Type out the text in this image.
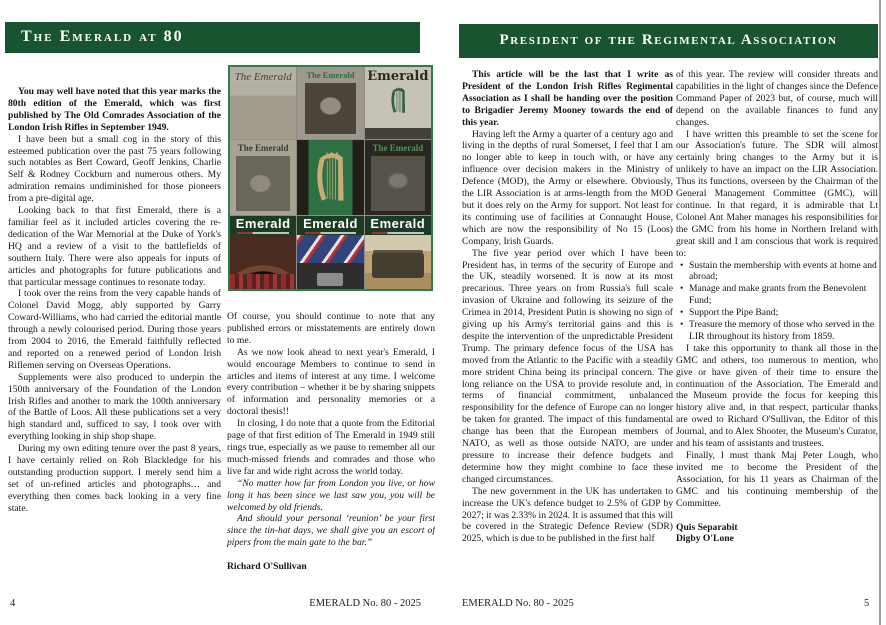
The Emerald at 80

You may well have noted that this year marks the 80th edition of the Emerald, which was first published by The Old Comrades Association of the London Irish Rifles in September 1949.

I have been but a small cog in the story of this esteemed publication over the past 75 years following such notables as Bert Coward, Geoff Jenkins, Charlie Self & Rodney Cockburn and numerous others. My admiration remains undiminished for those pioneers from a pre-digital age.

Looking back to that first Emerald, there is a familiar feel as it included articles covering the re-dedication of the War Memorial at the Duke of York's HQ and a review of a visit to the battlefields of southern Italy. There were also appeals for inputs of articles and photographs for future publications and that particular message continues to resonate today.

I took over the reins from the very capable hands of Colonel David Mogg, ably supported by Garry Coward-Williams, who had carried the editorial mantle through a newly colourised period. During those years from 2004 to 2016, the Emerald faithfully reflected and reported on a renewed period of London Irish Riflemen serving on Overseas Operations.

Supplements were also produced to underpin the 150th anniversary of the Foundation of the London Irish Rifles and another to mark the 100th anniversary of the Battle of Loos. All these publications set a very high standard and, sufficed to say, I took over with everything looking in ship shop shape.

During my own editing tenure over the past 8 years, I have certainly relied on Rob Blackledge for his outstanding production support. I merely send him a set of un-refined articles and photographs… and everything then comes back looking in a very fine state.

The Emerald	The Emerald Emerald
The Emerald	The Emerald
Emerald Emerald Emerald

Of course, you should continue to note that any published errors or misstatements are entirely down to me.

As we now look ahead to next year's Emerald, I would encourage Members to continue to send in articles and items of interest at any time. I welcome every contribution – whether it be by sharing snippets of information and personality memories or a doctoral thesis!!

In closing, I do note that a quote from the Editorial page of that first edition of The Emerald in 1949 still rings true, especially as we pause to remember all our much-missed friends and comrades and those who live far and wide right across the world today.

“No matter how far from London you live, or how long it has been since we last saw you, you will be welcomed by old friends.

And should your personal ‘reunion’ be your first since the tin-hat days, we shall give you an escort of pipers from the main gate to the bar.”

Richard O'Sullivan

4	EMERALD No. 80 - 2025
President of the Regimental Association

This article will be the last that I write as President of the London Irish Rifles Regimental Association as I shall be handing over the position to Brigadier Jeremy Mooney towards the end of this year.

Having left the Army a quarter of a century ago and living in the depths of rural Somerset, I feel that I am no longer able to keep in touch with, or have any influence over decision makers in the Ministry of Defence (MOD), the Army or elsewhere. Obviously, the LIR Association is at arms-length from the MOD but it does rely on the Army for support. Not least for its continuing use of facilities at Connaught House, which are now the responsibility of No 15 (Loos) Company, Irish Guards.

The five year period over which I have been President has, in terms of the security of Europe and the UK, steadily worsened. It is now at its most precarious. Three years on from Russia's full scale invasion of Ukraine and following its seizure of the Crimea in 2014, President Putin is showing no sign of giving up his Army's territorial gains and this is despite the intervention of the unpredictable President Trump. The primary defence focus of the USA has moved from the Atlantic to the Pacific with a steadily more strident China being its principal concern. The long reliance on the USA to provide resolute and, in terms of financial commitment, unbalanced responsibility for the defence of Europe can no longer be taken for granted. The impact of this fundamental change has been that the European members of NATO, as well as those outside NATO, are under pressure to increase their defence budgets and determine how they might combine to face these changed circumstances.

The new government in the UK has undertaken to increase the UK's defence budget to 2.5% of GDP by 2027; it was 2.33% in 2024. It is assumed that this will be covered in the Strategic Defence Review (SDR) 2025, which is due to be published in the first half

of this year. The review will consider threats and capabilities in the light of changes since the Defence Command Paper of 2023 but, of course, much will depend on the available finances to fund any changes.

I have written this preamble to set the scene for our Association's future. The SDR will almost certainly bring changes to the Army but it is unlikely to have an impact on the LIR Association. Thus its functions, overseen by the Chairman of the General Management Committee (GMC), will continue. In that regard, it is admirable that Lt Colonel Ant Maher manages his responsibilities for the GMC from his home in Northern Ireland with great skill and I am conscious that work is required to:

• Sustain the membership with events at home and abroad;

• Manage and make grants from the Benevolent Fund;

• Support the Pipe Band;

• Treasure the memory of those who served in the LIR throughout its history from 1859.

I take this opportunity to thank all those in the GMC and others, too numerous to mention, who give or have given of their time to ensure the continuation of the Association. The Emerald and the Museum provide the focus for keeping this history alive and, in that respect, particular thanks are owed to Richard O'Sullivan, the Editor of this Journal, and to Alex Shooter, the Museum's Curator, and his team of assistants and trustees.

Finally, I must thank Maj Peter Lough, who invited me to become the President of the Association, for his 11 years as Chairman of the GMC and his continuing membership of the Committee.

Quis Separabit

Digby O'Lone

EMERALD No. 80 - 2025	5
